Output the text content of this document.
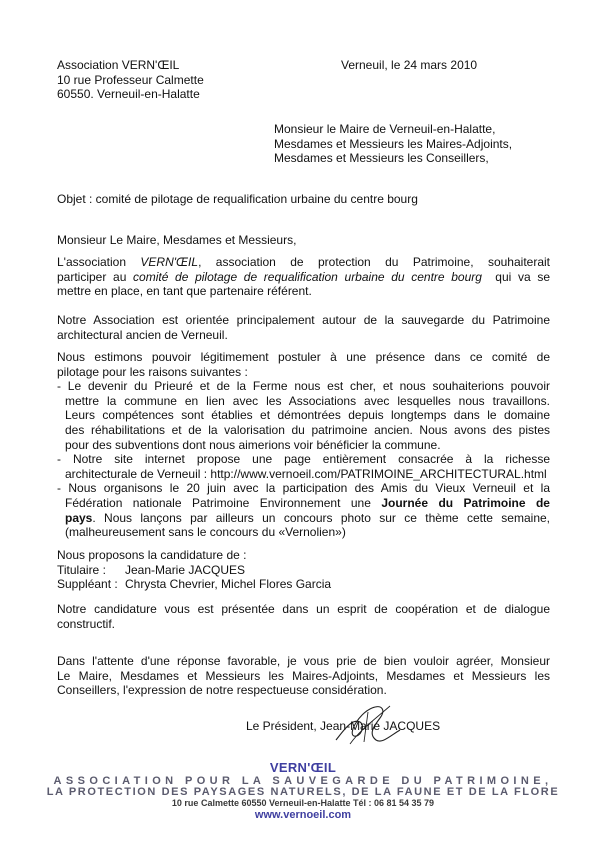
Association VERN'ŒIL
10 rue Professeur Calmette
60550. Verneuil-en-Halatte
Verneuil, le 24 mars 2010
Monsieur le Maire de Verneuil-en-Halatte,
Mesdames et Messieurs les Maires-Adjoints,
Mesdames et Messieurs les Conseillers,
Objet : comité de pilotage de requalification urbaine du centre bourg
Monsieur Le Maire, Mesdames et Messieurs,
L'association VERN'ŒIL, association de protection du Patrimoine, souhaiterait
participer au comité de pilotage de requalification urbaine du centre bourg  qui va se
mettre en place, en tant que partenaire référent.
Notre Association est orientée principalement autour de la sauvegarde du Patrimoine
architectural ancien de Verneuil.
Nous estimons pouvoir légitimement postuler à une présence dans ce comité de
pilotage pour les raisons suivantes :
- Le devenir du Prieuré et de la Ferme nous est cher, et nous souhaiterions pouvoir
mettre la commune en lien avec les Associations avec lesquelles nous travaillons.
Leurs compétences sont établies et démontrées depuis longtemps dans le domaine
des réhabilitations et de la valorisation du patrimoine ancien. Nous avons des pistes
pour des subventions dont nous aimerions voir bénéficier la commune.
- Notre site internet propose une page entièrement consacrée à la richesse
architecturale de Verneuil : http://www.vernoeil.com/PATRIMOINE_ARCHITECTURAL.html
- Nous organisons le 20 juin avec la participation des Amis du Vieux Verneuil et la
Fédération nationale Patrimoine Environnement une Journée du Patrimoine de
pays. Nous lançons par ailleurs un concours photo sur ce thème cette semaine,
(malheureusement sans le concours du «Vernolien»)
Nous proposons la candidature de :
Titulaire : Jean-Marie JACQUES
Suppléant : Chrysta Chevrier, Michel Flores Garcia
Notre candidature vous est présentée dans un esprit de coopération et de dialogue
constructif.
Dans l'attente d'une réponse favorable, je vous prie de bien vouloir agréer, Monsieur
Le Maire, Mesdames et Messieurs les Maires-Adjoints, Mesdames et Messieurs les
Conseillers, l'expression de notre respectueuse considération.
Le Président, Jean-Marie JACQUES
VERN'ŒIL
ASSOCIATION POUR LA SAUVEGARDE DU PATRIMOINE,
LA PROTECTION DES PAYSAGES NATURELS, DE LA FAUNE ET DE LA FLORE
10 rue Calmette 60550 Verneuil-en-Halatte Tél : 06 81 54 35 79
www.vernoeil.com
